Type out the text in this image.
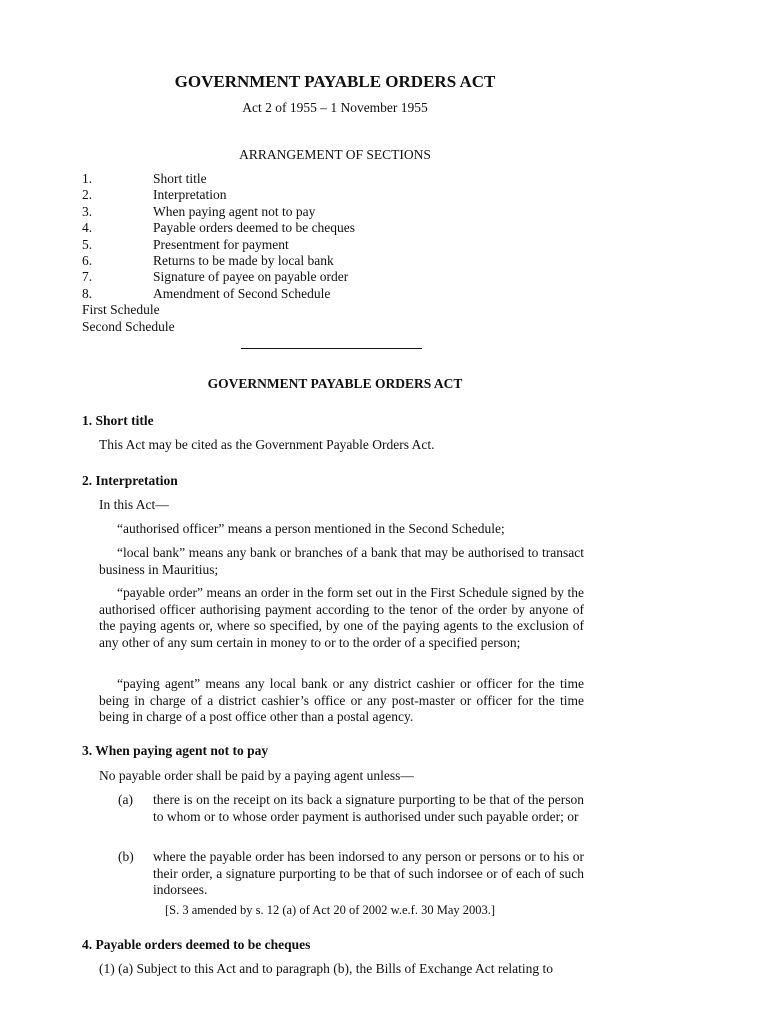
GOVERNMENT PAYABLE ORDERS ACT
Act 2 of 1955 – 1 November 1955
ARRANGEMENT OF SECTIONS
1.	Short title
2.	Interpretation
3.	When paying agent not to pay
4.	Payable orders deemed to be cheques
5.	Presentment for payment
6.	Returns to be made by local bank
7.	Signature of payee on payable order
8.	Amendment of Second Schedule
First Schedule
Second Schedule
GOVERNMENT PAYABLE ORDERS ACT
1. Short title
This Act may be cited as the Government Payable Orders Act.
2. Interpretation
In this Act—
“authorised officer” means a person mentioned in the Second Schedule;
“local bank” means any bank or branches of a bank that may be authorised to transact business in Mauritius;
“payable order” means an order in the form set out in the First Schedule signed by the authorised officer authorising payment according to the tenor of the order by anyone of the paying agents or, where so specified, by one of the paying agents to the exclusion of any other of any sum certain in money to or to the order of a specified person;
“paying agent” means any local bank or any district cashier or officer for the time being in charge of a district cashier’s office or any post-master or officer for the time being in charge of a post office other than a postal agency.
3. When paying agent not to pay
No payable order shall be paid by a paying agent unless—
(a) there is on the receipt on its back a signature purporting to be that of the person to whom or to whose order payment is authorised under such payable order; or
(b) where the payable order has been indorsed to any person or persons or to his or their order, a signature purporting to be that of such indorsee or of each of such indorsees.
[S. 3 amended by s. 12 (a) of Act 20 of 2002 w.e.f. 30 May 2003.]
4. Payable orders deemed to be cheques
(1) (a) Subject to this Act and to paragraph (b), the Bills of Exchange Act relating to
